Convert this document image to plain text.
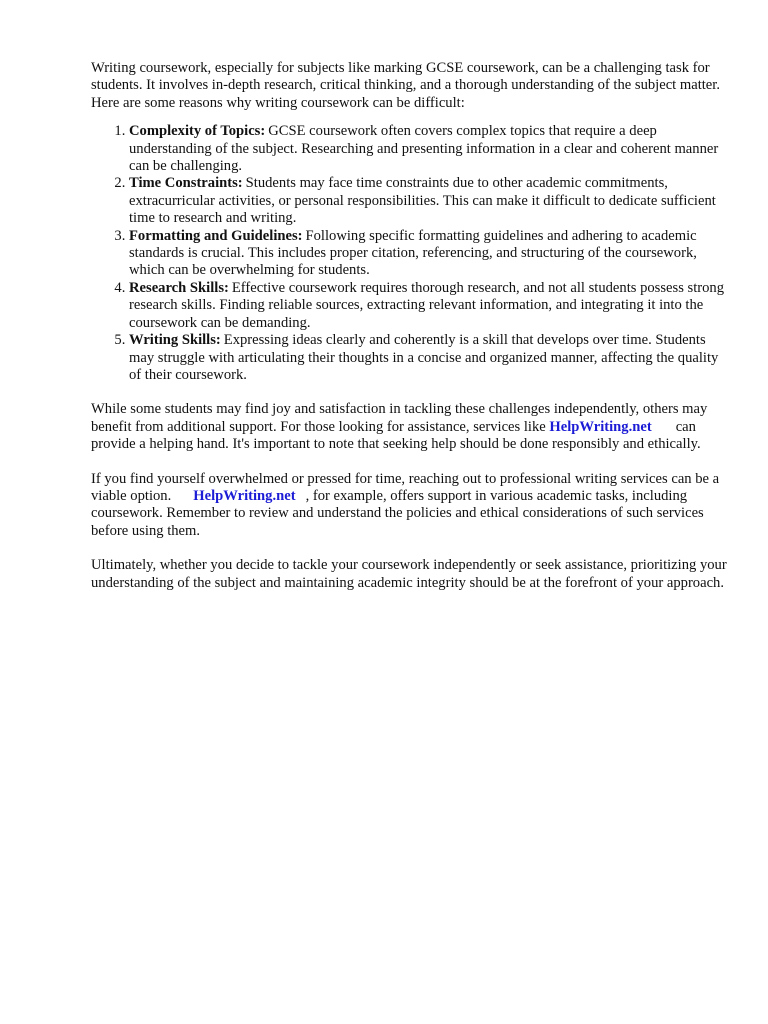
Writing coursework, especially for subjects like marking GCSE coursework, can be a challenging task for students. It involves in-depth research, critical thinking, and a thorough understanding of the subject matter. Here are some reasons why writing coursework can be difficult:

1. Complexity of Topics: GCSE coursework often covers complex topics that require a deep understanding of the subject. Researching and presenting information in a clear and coherent manner can be challenging.
2. Time Constraints: Students may face time constraints due to other academic commitments, extracurricular activities, or personal responsibilities. This can make it difficult to dedicate sufficient time to research and writing.
3. Formatting and Guidelines: Following specific formatting guidelines and adhering to academic standards is crucial. This includes proper citation, referencing, and structuring of the coursework, which can be overwhelming for students.
4. Research Skills: Effective coursework requires thorough research, and not all students possess strong research skills. Finding reliable sources, extracting relevant information, and integrating it into the coursework can be demanding.
5. Writing Skills: Expressing ideas clearly and coherently is a skill that develops over time. Students may struggle with articulating their thoughts in a concise and organized manner, affecting the quality of their coursework.

While some students may find joy and satisfaction in tackling these challenges independently, others may benefit from additional support. For those looking for assistance, services like HelpWriting.net can provide a helping hand. It's important to note that seeking help should be done responsibly and ethically.

If you find yourself overwhelmed or pressed for time, reaching out to professional writing services can be a viable option. HelpWriting.net , for example, offers support in various academic tasks, including coursework. Remember to review and understand the policies and ethical considerations of such services before using them.

Ultimately, whether you decide to tackle your coursework independently or seek assistance, prioritizing your understanding of the subject and maintaining academic integrity should be at the forefront of your approach.
